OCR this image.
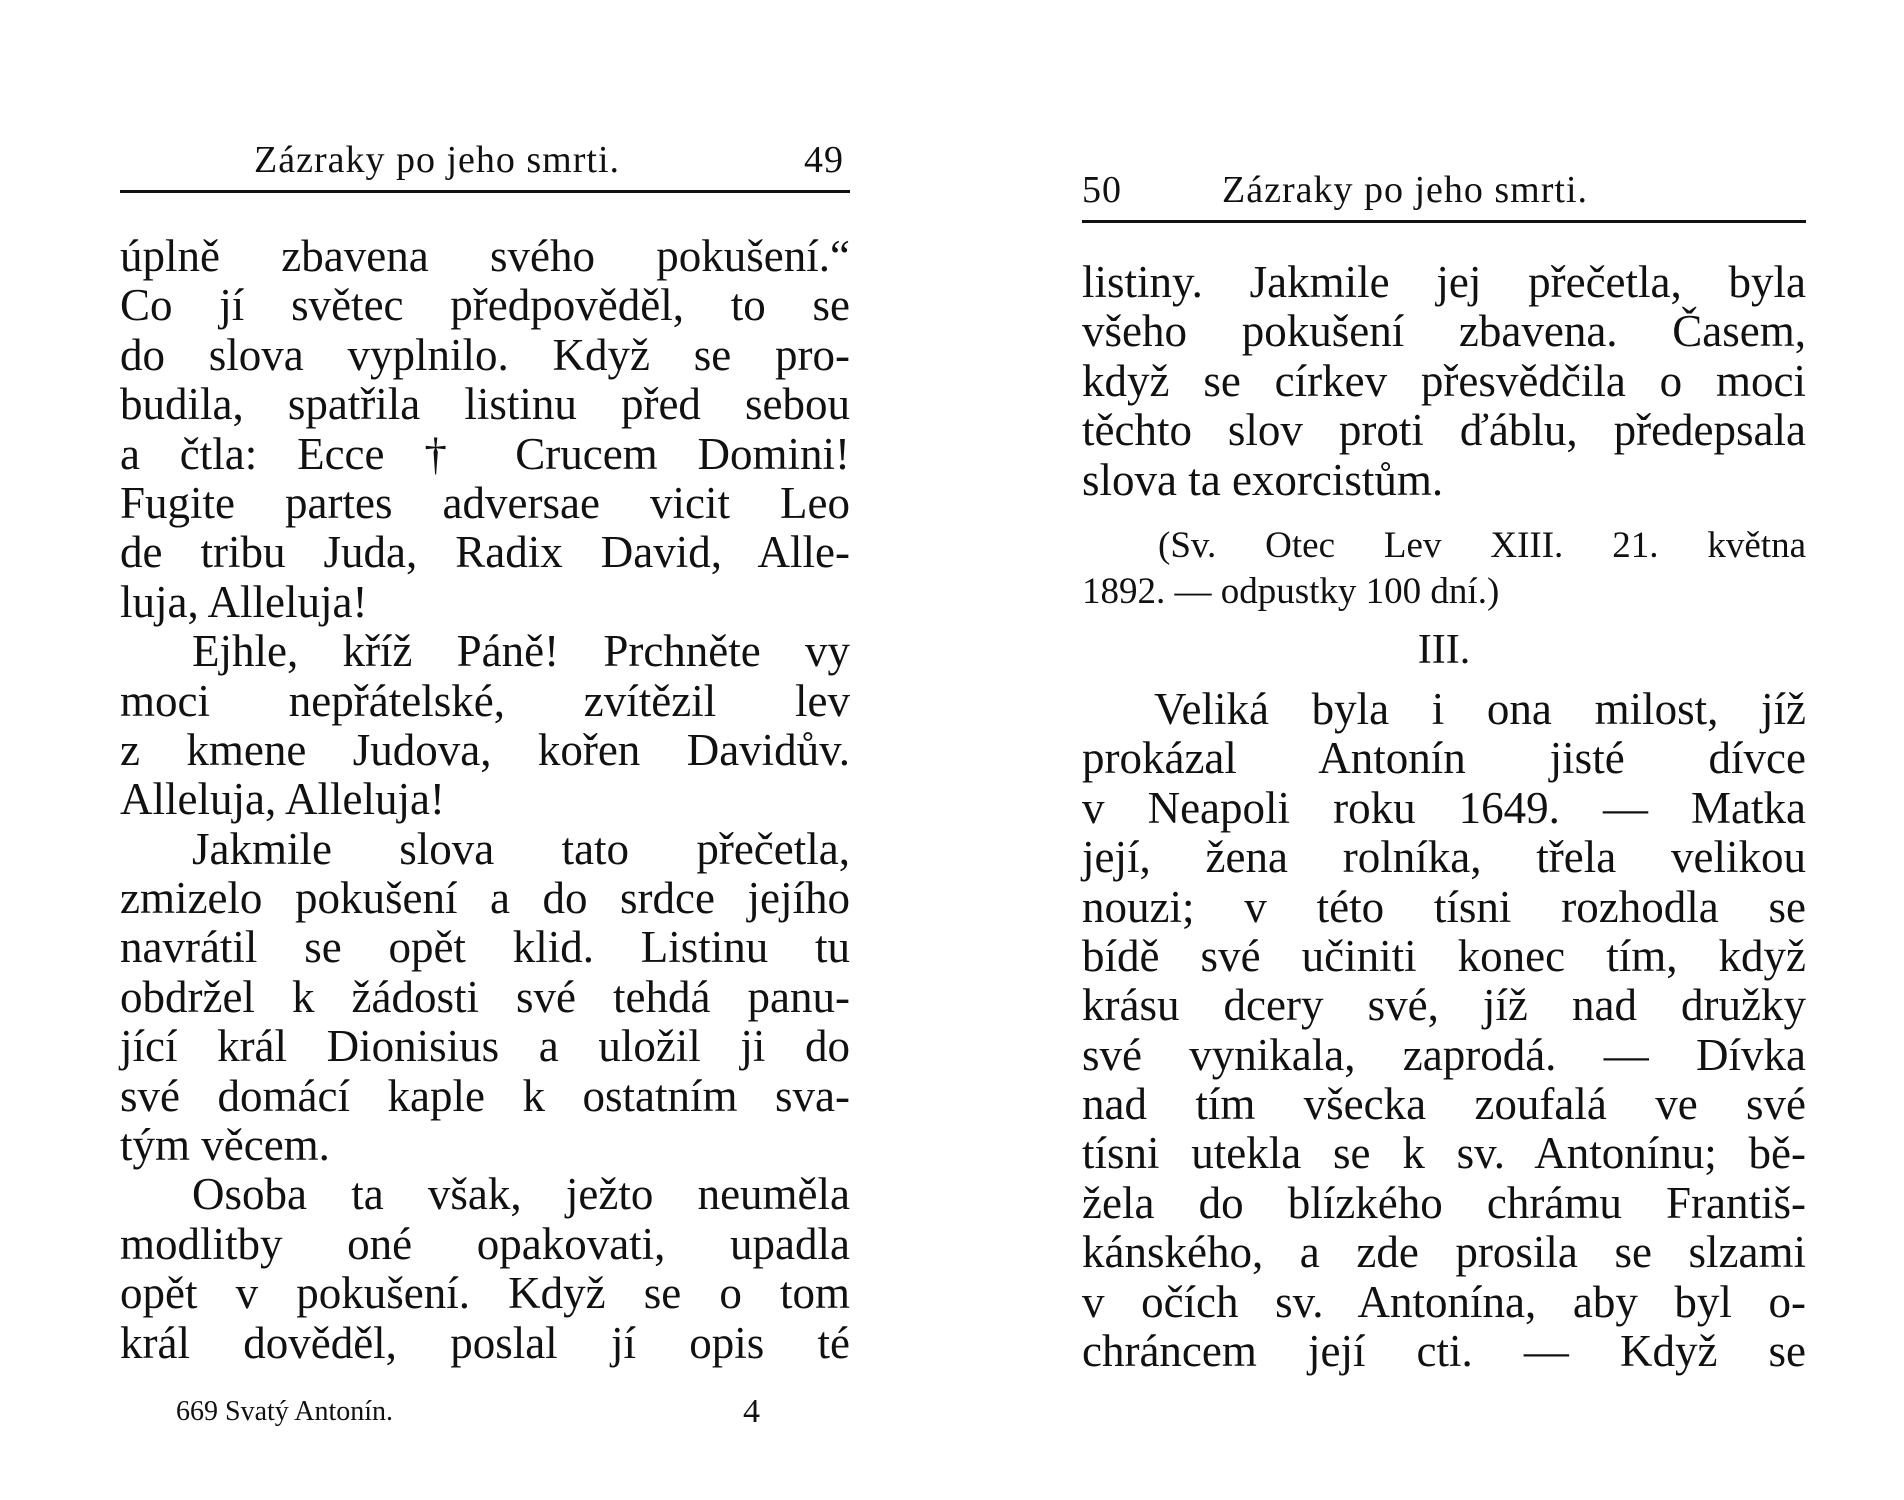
Zázraky po jeho smrti.	49
úplně zbavena svého pokušení.“
Co jí světec předpověděl, to se
do slova vyplnilo. Když se pro-
budila, spatřila listinu před sebou
a čtla: Ecce † Crucem Domini!
Fugite partes adversae vicit Leo
de tribu Juda, Radix David, Alle-
luja, Alleluja!
Ejhle, kříž Páně! Prchněte vy
moci nepřátelské, zvítězil lev
z kmene Judova, kořen Davidův.
Alleluja, Alleluja!
Jakmile slova tato přečetla,
zmizelo pokušení a do srdce jejího
navrátil se opět klid. Listinu tu
obdržel k žádosti své tehdá panu-
jící král Dionisius a uložil ji do
své domácí kaple k ostatním sva-
tým věcem.
Osoba ta však, ježto neuměla
modlitby oné opakovati, upadla
opět v pokušení. Když se o tom
král dověděl, poslal jí opis té
669 Svatý Antonín.	4
50	Zázraky po jeho smrti.
listiny. Jakmile jej přečetla, byla
všeho pokušení zbavena. Časem,
když se církev přesvědčila o moci
těchto slov proti ďáblu, předepsala
slova ta exorcistům.
(Sv. Otec Lev XIII. 21. května
1892. — odpustky 100 dní.)
III.
Veliká byla i ona milost, jíž
prokázal Antonín jisté dívce
v Neapoli roku 1649. — Matka
její, žena rolníka, třela velikou
nouzi; v této tísni rozhodla se
bídě své učiniti konec tím, když
krásu dcery své, jíž nad družky
své vynikala, zaprodá. — Dívka
nad tím všecka zoufalá ve své
tísni utekla se k sv. Antonínu; bě-
žela do blízkého chrámu Františ-
kánského, a zde prosila se slzami
v očích sv. Antonína, aby byl o-
chráncem její cti. — Když se
